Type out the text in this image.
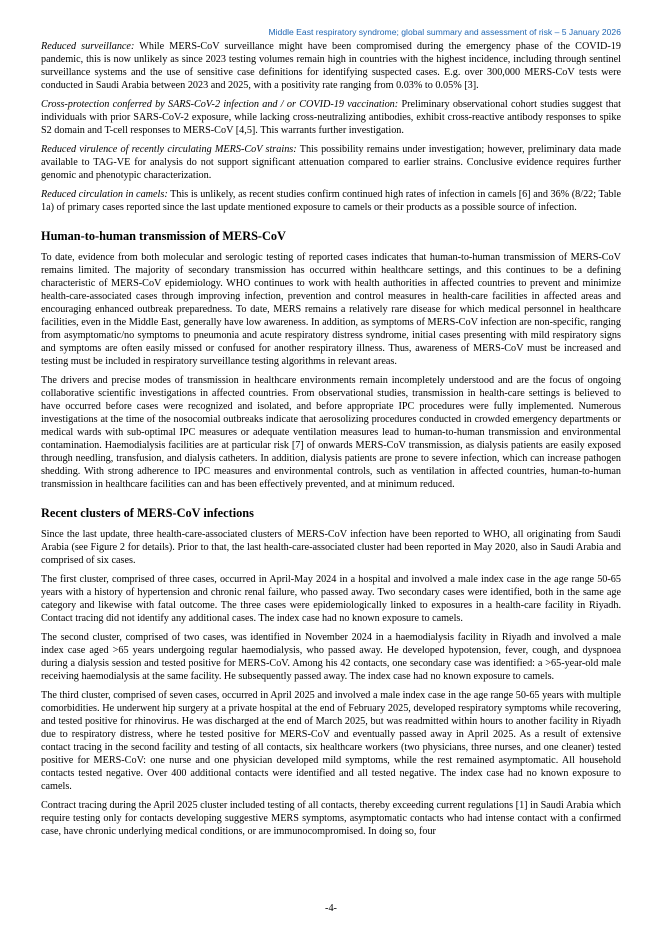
Middle East respiratory syndrome; global summary and assessment of risk – 5 January 2026

Reduced surveillance: While MERS-CoV surveillance might have been compromised during the emergency phase of the COVID-19 pandemic, this is now unlikely as since 2023 testing volumes remain high in countries with the highest incidence, including through sentinel surveillance systems and the use of sensitive case definitions for identifying suspected cases. E.g. over 300,000 MERS-CoV tests were conducted in Saudi Arabia between 2023 and 2025, with a positivity rate ranging from 0.03% to 0.05% [3].

Cross-protection conferred by SARS-CoV-2 infection and / or COVID-19 vaccination: Preliminary observational cohort studies suggest that individuals with prior SARS-CoV-2 exposure, while lacking cross-neutralizing antibodies, exhibit cross-reactive antibody responses to spike S2 domain and T-cell responses to MERS-CoV [4,5]. This warrants further investigation.

Reduced virulence of recently circulating MERS-CoV strains: This possibility remains under investigation; however, preliminary data made available to TAG-VE for analysis do not support significant attenuation compared to earlier strains. Conclusive evidence requires further genomic and phenotypic characterization.

Reduced circulation in camels: This is unlikely, as recent studies confirm continued high rates of infection in camels [6] and 36% (8/22; Table 1a) of primary cases reported since the last update mentioned exposure to camels or their products as a possible source of infection.

Human-to-human transmission of MERS-CoV

To date, evidence from both molecular and serologic testing of reported cases indicates that human-to-human transmission of MERS-CoV remains limited. The majority of secondary transmission has occurred within healthcare settings, and this continues to be a defining characteristic of MERS-CoV epidemiology. WHO continues to work with health authorities in affected countries to prevent and minimize health-care-associated cases through improving infection, prevention and control measures in health-care facilities in affected areas and encouraging enhanced outbreak preparedness. To date, MERS remains a relatively rare disease for which medical personnel in healthcare facilities, even in the Middle East, generally have low awareness. In addition, as symptoms of MERS-CoV infection are non-specific, ranging from asymptomatic/no symptoms to pneumonia and acute respiratory distress syndrome, initial cases presenting with mild respiratory signs and symptoms are often easily missed or confused for another respiratory illness. Thus, awareness of MERS-CoV must be increased and testing must be included in respiratory surveillance testing algorithms in relevant areas.

The drivers and precise modes of transmission in healthcare environments remain incompletely understood and are the focus of ongoing collaborative scientific investigations in affected countries. From observational studies, transmission in health-care settings is believed to have occurred before cases were recognized and isolated, and before appropriate IPC procedures were fully implemented. Numerous investigations at the time of the nosocomial outbreaks indicate that aerosolizing procedures conducted in crowded emergency departments or medical wards with sub-optimal IPC measures or adequate ventilation measures lead to human-to-human transmission and environmental contamination. Haemodialysis facilities are at particular risk [7] of onwards MERS-CoV transmission, as dialysis patients are easily exposed through needling, transfusion, and dialysis catheters. In addition, dialysis patients are prone to severe infection, which can increase pathogen shedding. With strong adherence to IPC measures and environmental controls, such as ventilation in affected countries, human-to-human transmission in healthcare facilities can and has been effectively prevented, and at minimum reduced.

Recent clusters of MERS-CoV infections

Since the last update, three health-care-associated clusters of MERS-CoV infection have been reported to WHO, all originating from Saudi Arabia (see Figure 2 for details). Prior to that, the last health-care-associated cluster had been reported in May 2020, also in Saudi Arabia and comprised of six cases.

The first cluster, comprised of three cases, occurred in April-May 2024 in a hospital and involved a male index case in the age range 50-65 years with a history of hypertension and chronic renal failure, who passed away. Two secondary cases were identified, both in the same age category and likewise with fatal outcome. The three cases were epidemiologically linked to exposures in a health-care facility in Riyadh. Contact tracing did not identify any additional cases. The index case had no known exposure to camels.

The second cluster, comprised of two cases, was identified in November 2024 in a haemodialysis facility in Riyadh and involved a male index case aged >65 years undergoing regular haemodialysis, who passed away. He developed hypotension, fever, cough, and dyspnoea during a dialysis session and tested positive for MERS-CoV. Among his 42 contacts, one secondary case was identified: a >65-year-old male receiving haemodialysis at the same facility. He subsequently passed away. The index case had no known exposure to camels.

The third cluster, comprised of seven cases, occurred in April 2025 and involved a male index case in the age range 50-65 years with multiple comorbidities. He underwent hip surgery at a private hospital at the end of February 2025, developed respiratory symptoms while recovering, and tested positive for rhinovirus. He was discharged at the end of March 2025, but was readmitted within hours to another facility in Riyadh due to respiratory distress, where he tested positive for MERS-CoV and eventually passed away in April 2025. As a result of extensive contact tracing in the second facility and testing of all contacts, six healthcare workers (two physicians, three nurses, and one cleaner) tested positive for MERS-CoV: one nurse and one physician developed mild symptoms, while the rest remained asymptomatic. All household contacts tested negative. Over 400 additional contacts were identified and all tested negative. The index case had no known exposure to camels.

Contract tracing during the April 2025 cluster included testing of all contacts, thereby exceeding current regulations [1] in Saudi Arabia which require testing only for contacts developing suggestive MERS symptoms, asymptomatic contacts who had intense contact with a confirmed case, have chronic underlying medical conditions, or are immunocompromised. In doing so, four

-4-
